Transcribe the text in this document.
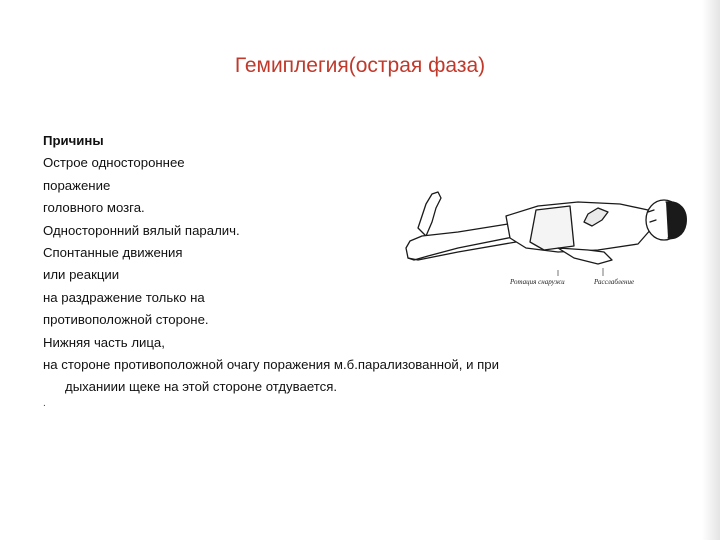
Гемиплегия(острая фаза)
Причины
Острое одностороннее
поражение
головного мозга.
Односторонний вялый паралич.
Спонтанные движения
или реакции
на раздражение только на
противоположной стороне.
Нижняя часть лица,
на стороне противоположной очагу поражения м.б.парализованной, и при
дыханиии щеке на этой стороне отдувается.
.
Ротация снаружи	Расслабление
